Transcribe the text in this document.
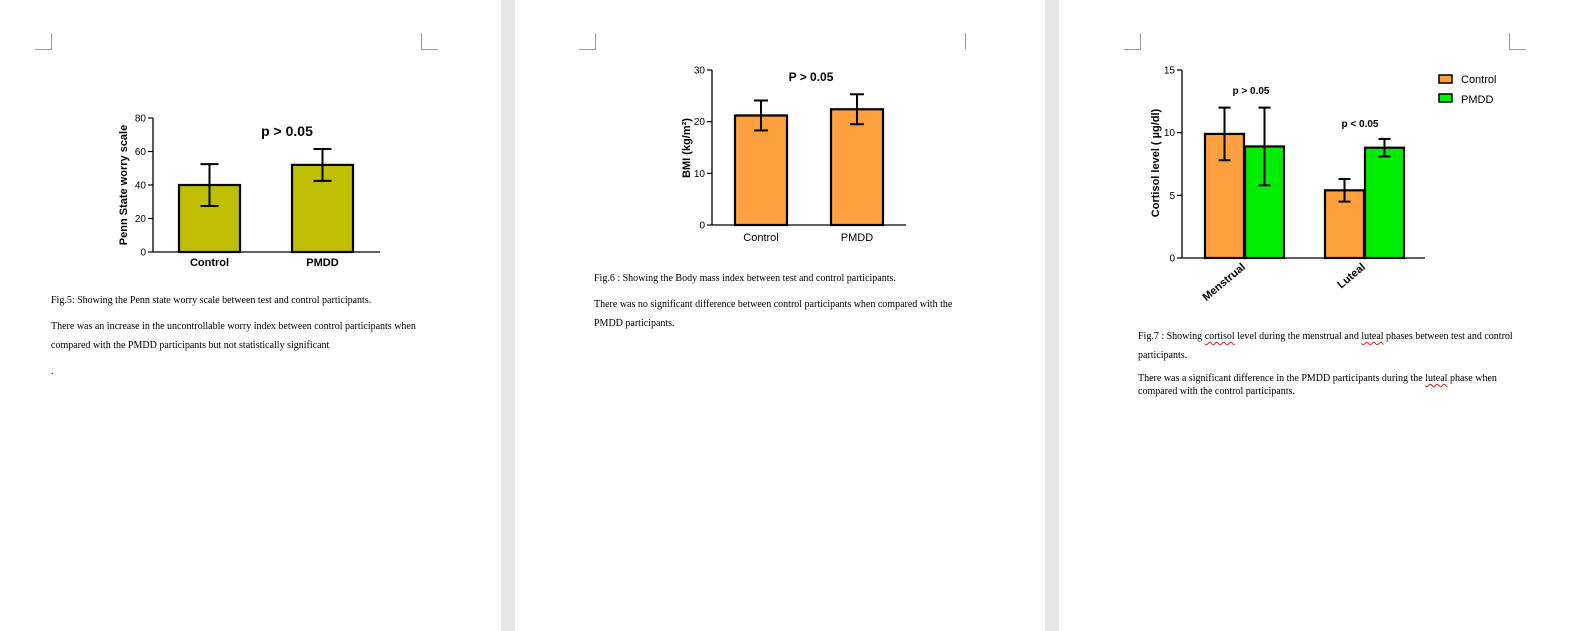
Penn State worry scale	p > 0.05
0
20
40
60
80
Control	PMDD

Fig.5: Showing the Penn state worry scale between test and control participants.

There was an increase in the uncontrollable worry index between control participants when compared with the PMDD participants but not statistically significant

.

BMI (kg/m²)
P > 0.05
0
10
20
30
Control	PMDD

Fig.6 : Showing the Body mass index between test and control participants.

There was no significant difference between control participants when compared with the PMDD participants.

Cortisol level ( µg/dl)
p > 0.05
p < 0.05
Control
PMDD
0
5
10
15
Menstrual	Luteal

Fig.7 : Showing cortisol level during the menstrual and luteal phases between test and control participants.

There was a significant difference in the PMDD participants during the luteal phase when compared with the control participants.
